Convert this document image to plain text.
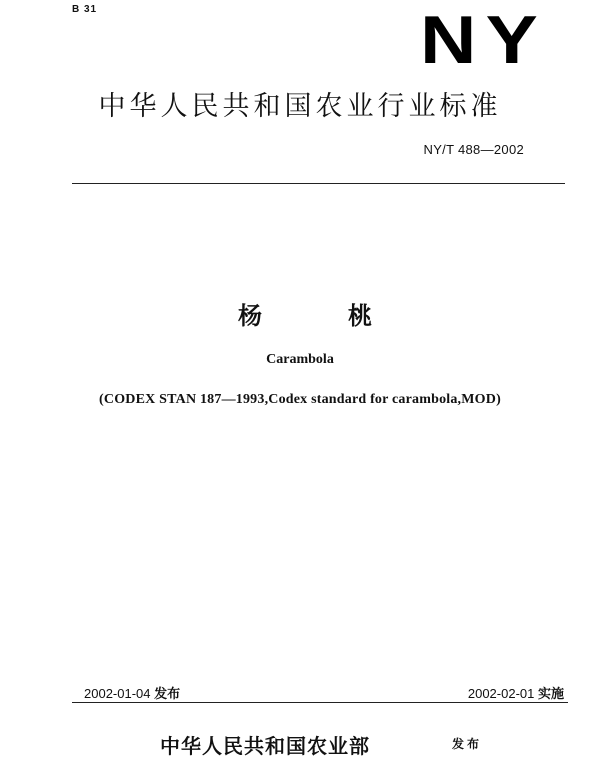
B 31	NY
中华人民共和国农业行业标准
NY/T 488—2002
杨	桃
Carambola
(CODEX STAN 187—1993,Codex standard for carambola,MOD)
2002-01-04 发布	2002-02-01 实施
中华人民共和国农业部	发布
